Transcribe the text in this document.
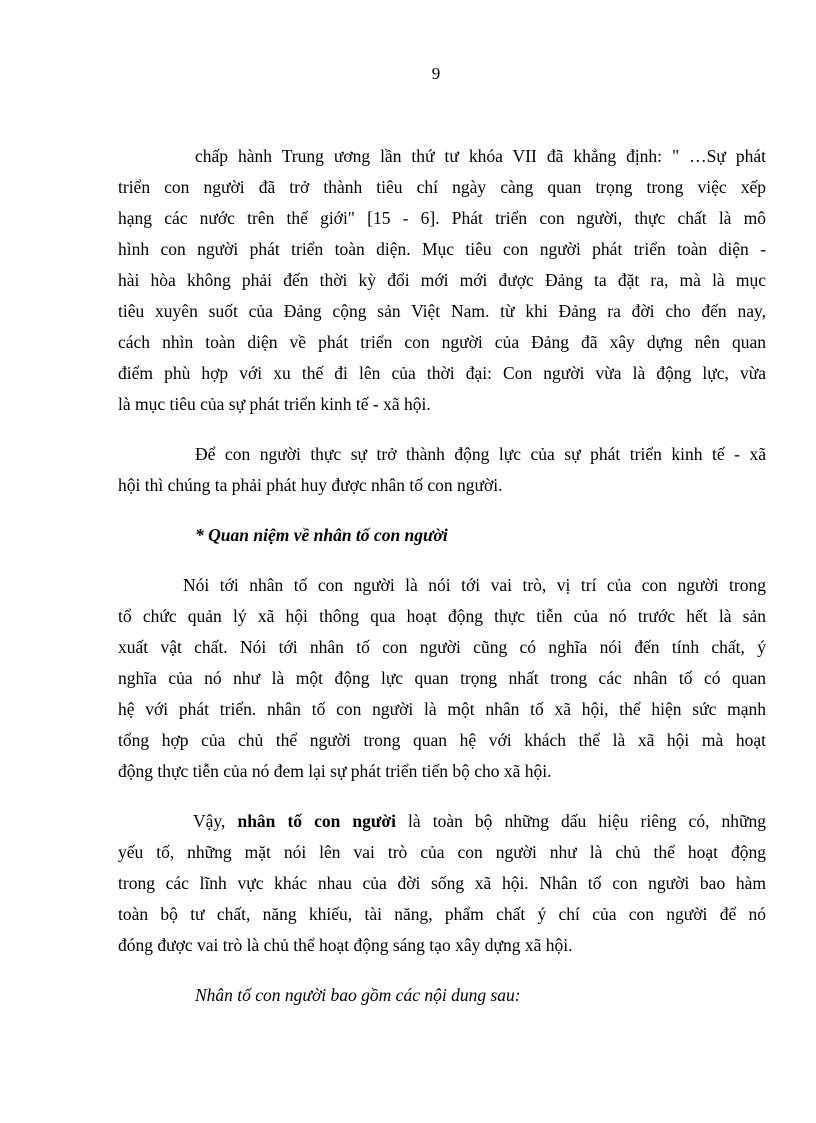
9
chấp hành Trung ương lần thứ tư khóa VII đã khẳng định: " …Sự phát
triển con người đã trở thành tiêu chí ngày càng quan trọng trong việc xếp
hạng các nước trên thế giới" [15 - 6]. Phát triển con người, thực chất là mô
hình con người phát triển toàn diện. Mục tiêu con người phát triển toàn diện -
hài hòa không phải đến thời kỳ đổi mới mới được Đảng ta đặt ra, mà là mục
tiêu xuyên suốt của Đảng cộng sản Việt Nam. từ khi Đảng ra đời cho đến nay,
cách nhìn toàn diện về phát triển con người của Đảng đã xây dựng nên quan
điểm phù hợp với xu thế đi lên của thời đại: Con người vừa là động lực, vừa
là mục tiêu của sự phát triển kinh tế - xã hội.
Để con người thực sự trở thành động lực của sự phát triển kinh tế - xã
hội thì chúng ta phải phát huy được nhân tố con người.
* Quan niệm về nhân tố con người
Nói tới nhân tố con người là nói tới vai trò, vị trí của con người trong
tổ chức quản lý xã hội thông qua hoạt động thực tiễn của nó trước hết là sản
xuất vật chất. Nói tới nhân tố con người cũng có nghĩa nói đến tính chất, ý
nghĩa của nó như là một động lực quan trọng nhất trong các nhân tố có quan
hệ với phát triển. nhân tố con người là một nhân tố xã hội, thể hiện sức mạnh
tổng hợp của chủ thể người trong quan hệ với khách thể là xã hội mà hoạt
động thực tiễn của nó đem lại sự phát triển tiến bộ cho xã hội.
Vậy, nhân tố con người là toàn bộ những dấu hiệu riêng có, những
yếu tố, những mặt nói lên vai trò của con người như là chủ thể hoạt động
trong các lĩnh vực khác nhau của đời sống xã hội. Nhân tố con người bao hàm
toàn bộ tư chất, năng khiếu, tài năng, phẩm chất ý chí của con người để nó
đóng được vai trò là chủ thể hoạt động sáng tạo xây dựng xã hội.
Nhân tố con người bao gồm các nội dung sau:
